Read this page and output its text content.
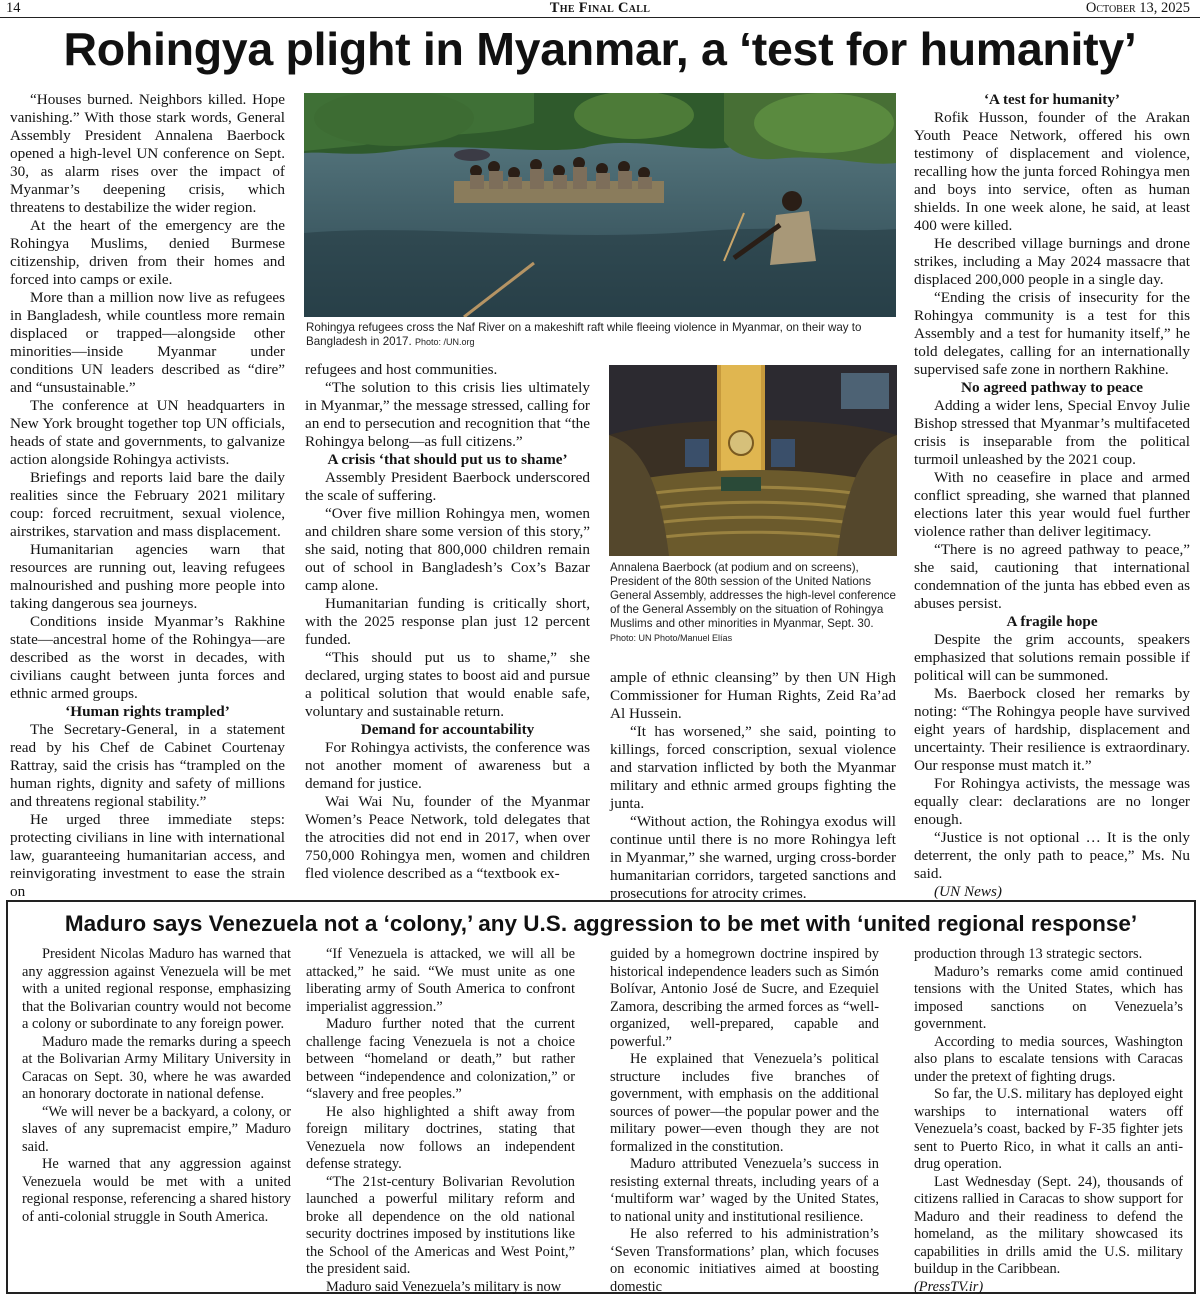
14	The Final Call	October 13, 2025
Rohingya plight in Myanmar, a ‘test for humanity’

“Houses burned. Neighbors killed. Hope vanishing.” With those stark words, General Assembly President Annalena Baerbock opened a high-level UN conference on Sept. 30, as alarm rises over the impact of Myanmar’s deepening crisis, which threatens to destabilize the wider region.

At the heart of the emergency are the Rohingya Muslims, denied Burmese citizenship, driven from their homes and forced into camps or exile.

More than a million now live as refugees in Bangladesh, while countless more remain displaced or trapped—alongside other minorities—inside Myanmar under conditions UN leaders described as “dire” and “unsustainable.”

The conference at UN headquarters in New York brought together top UN officials, heads of state and governments, to galvanize action alongside Rohingya activists.

Briefings and reports laid bare the daily realities since the February 2021 military coup: forced recruitment, sexual violence, airstrikes, starvation and mass displacement.

Humanitarian agencies warn that resources are running out, leaving refugees malnourished and pushing more people into taking dangerous sea journeys.

Conditions inside Myanmar’s Rakhine state—ancestral home of the Rohingya—are described as the worst in decades, with civilians caught between junta forces and ethnic armed groups.

‘Human rights trampled’

The Secretary-General, in a statement read by his Chef de Cabinet Courtenay Rattray, said the crisis has “trampled on the human rights, dignity and safety of millions and threatens regional stability.”

He urged three immediate steps: protecting civilians in line with international law, guaranteeing humanitarian access, and reinvigorating investment to ease the strain on

Rohingya refugees cross the Naf River on a makeshift raft while fleeing violence in Myanmar, on their way to Bangladesh in 2017. Photo: /UN.org

refugees and host communities.

“The solution to this crisis lies ultimately in Myanmar,” the message stressed, calling for an end to persecution and recognition that “the Rohingya belong—as full citizens.”

A crisis ‘that should put us to shame’

Assembly President Baerbock underscored the scale of suffering.

“Over five million Rohingya men, women and children share some version of this story,” she said, noting that 800,000 children remain out of school in Bangladesh’s Cox’s Bazar camp alone.

Humanitarian funding is critically short, with the 2025 response plan just 12 percent funded.

“This should put us to shame,” she declared, urging states to boost aid and pursue a political solution that would enable safe, voluntary and sustainable return.

Demand for accountability

For Rohingya activists, the conference was not another moment of awareness but a demand for justice.

Wai Wai Nu, founder of the Myanmar Women’s Peace Network, told delegates that the atrocities did not end in 2017, when over 750,000 Rohingya men, women and children fled violence described as a “textbook ex-

Annalena Baerbock (at podium and on screens), President of the 80th session of the United Nations General Assembly, addresses the high-level conference of the General Assembly on the situation of Rohingya Muslims and other minorities in Myanmar, Sept. 30. Photo: UN Photo/Manuel Elías

ample of ethnic cleansing” by then UN High Commissioner for Human Rights, Zeid Ra’ad Al Hussein.

“It has worsened,” she said, pointing to killings, forced conscription, sexual violence and starvation inflicted by both the Myanmar military and ethnic armed groups fighting the junta.

“Without action, the Rohingya exodus will continue until there is no more Rohingya left in Myanmar,” she warned, urging cross-border humanitarian corridors, targeted sanctions and prosecutions for atrocity crimes.

‘A test for humanity’

Rofik Husson, founder of the Arakan Youth Peace Network, offered his own testimony of displacement and violence, recalling how the junta forced Rohingya men and boys into service, often as human shields. In one week alone, he said, at least 400 were killed.

He described village burnings and drone strikes, including a May 2024 massacre that displaced 200,000 people in a single day.

“Ending the crisis of insecurity for the Rohingya community is a test for this Assembly and a test for humanity itself,” he told delegates, calling for an internationally supervised safe zone in northern Rakhine.

No agreed pathway to peace

Adding a wider lens, Special Envoy Julie Bishop stressed that Myanmar’s multifaceted crisis is inseparable from the political turmoil unleashed by the 2021 coup.

With no ceasefire in place and armed conflict spreading, she warned that planned elections later this year would fuel further violence rather than deliver legitimacy.

“There is no agreed pathway to peace,” she said, cautioning that international condemnation of the junta has ebbed even as abuses persist.

A fragile hope

Despite the grim accounts, speakers emphasized that solutions remain possible if political will can be summoned.

Ms. Baerbock closed her remarks by noting: “The Rohingya people have survived eight years of hardship, displacement and uncertainty. Their resilience is extraordinary. Our response must match it.”

For Rohingya activists, the message was equally clear: declarations are no longer enough.

“Justice is not optional … It is the only deterrent, the only path to peace,” Ms. Nu said.

(UN News)

Maduro says Venezuela not a ‘colony,’ any U.S. aggression to be met with ‘united regional response’

President Nicolas Maduro has warned that any aggression against Venezuela will be met with a united regional response, emphasizing that the Bolivarian country would not become a colony or subordinate to any foreign power.

Maduro made the remarks during a speech at the Bolivarian Army Military University in Caracas on Sept. 30, where he was awarded an honorary doctorate in national defense.

“We will never be a backyard, a colony, or slaves of any supremacist empire,” Maduro said.

He warned that any aggression against Venezuela would be met with a united regional response, referencing a shared history of anti-colonial struggle in South America.

“If Venezuela is attacked, we will all be attacked,” he said. “We must unite as one liberating army of South America to confront imperialist aggression.”

Maduro further noted that the current challenge facing Venezuela is not a choice between “homeland or death,” but rather between “independence and colonization,” or “slavery and free peoples.”

He also highlighted a shift away from foreign military doctrines, stating that Venezuela now follows an independent defense strategy.

“The 21st-century Bolivarian Revolution launched a powerful military reform and broke all dependence on the old national security doctrines imposed by institutions like the School of the Americas and West Point,” the president said.

Maduro said Venezuela’s military is now

guided by a homegrown doctrine inspired by historical independence leaders such as Simón Bolívar, Antonio José de Sucre, and Ezequiel Zamora, describing the armed forces as “well-organized, well-prepared, capable and powerful.”

He explained that Venezuela’s political structure includes five branches of government, with emphasis on the additional sources of power—the popular power and the military power—even though they are not formalized in the constitution.

Maduro attributed Venezuela’s success in resisting external threats, including years of a ‘multiform war’ waged by the United States, to national unity and institutional resilience.

He also referred to his administration’s ‘Seven Transformations’ plan, which focuses on economic initiatives aimed at boosting domestic

production through 13 strategic sectors.

Maduro’s remarks come amid continued tensions with the United States, which has imposed sanctions on Venezuela’s government.

According to media sources, Washington also plans to escalate tensions with Caracas under the pretext of fighting drugs.

So far, the U.S. military has deployed eight warships to international waters off Venezuela’s coast, backed by F-35 fighter jets sent to Puerto Rico, in what it calls an anti-drug operation.

Last Wednesday (Sept. 24), thousands of citizens rallied in Caracas to show support for Maduro and their readiness to defend the homeland, as the military showcased its capabilities in drills amid the U.S. military buildup in the Caribbean.

(PressTV.ir)
